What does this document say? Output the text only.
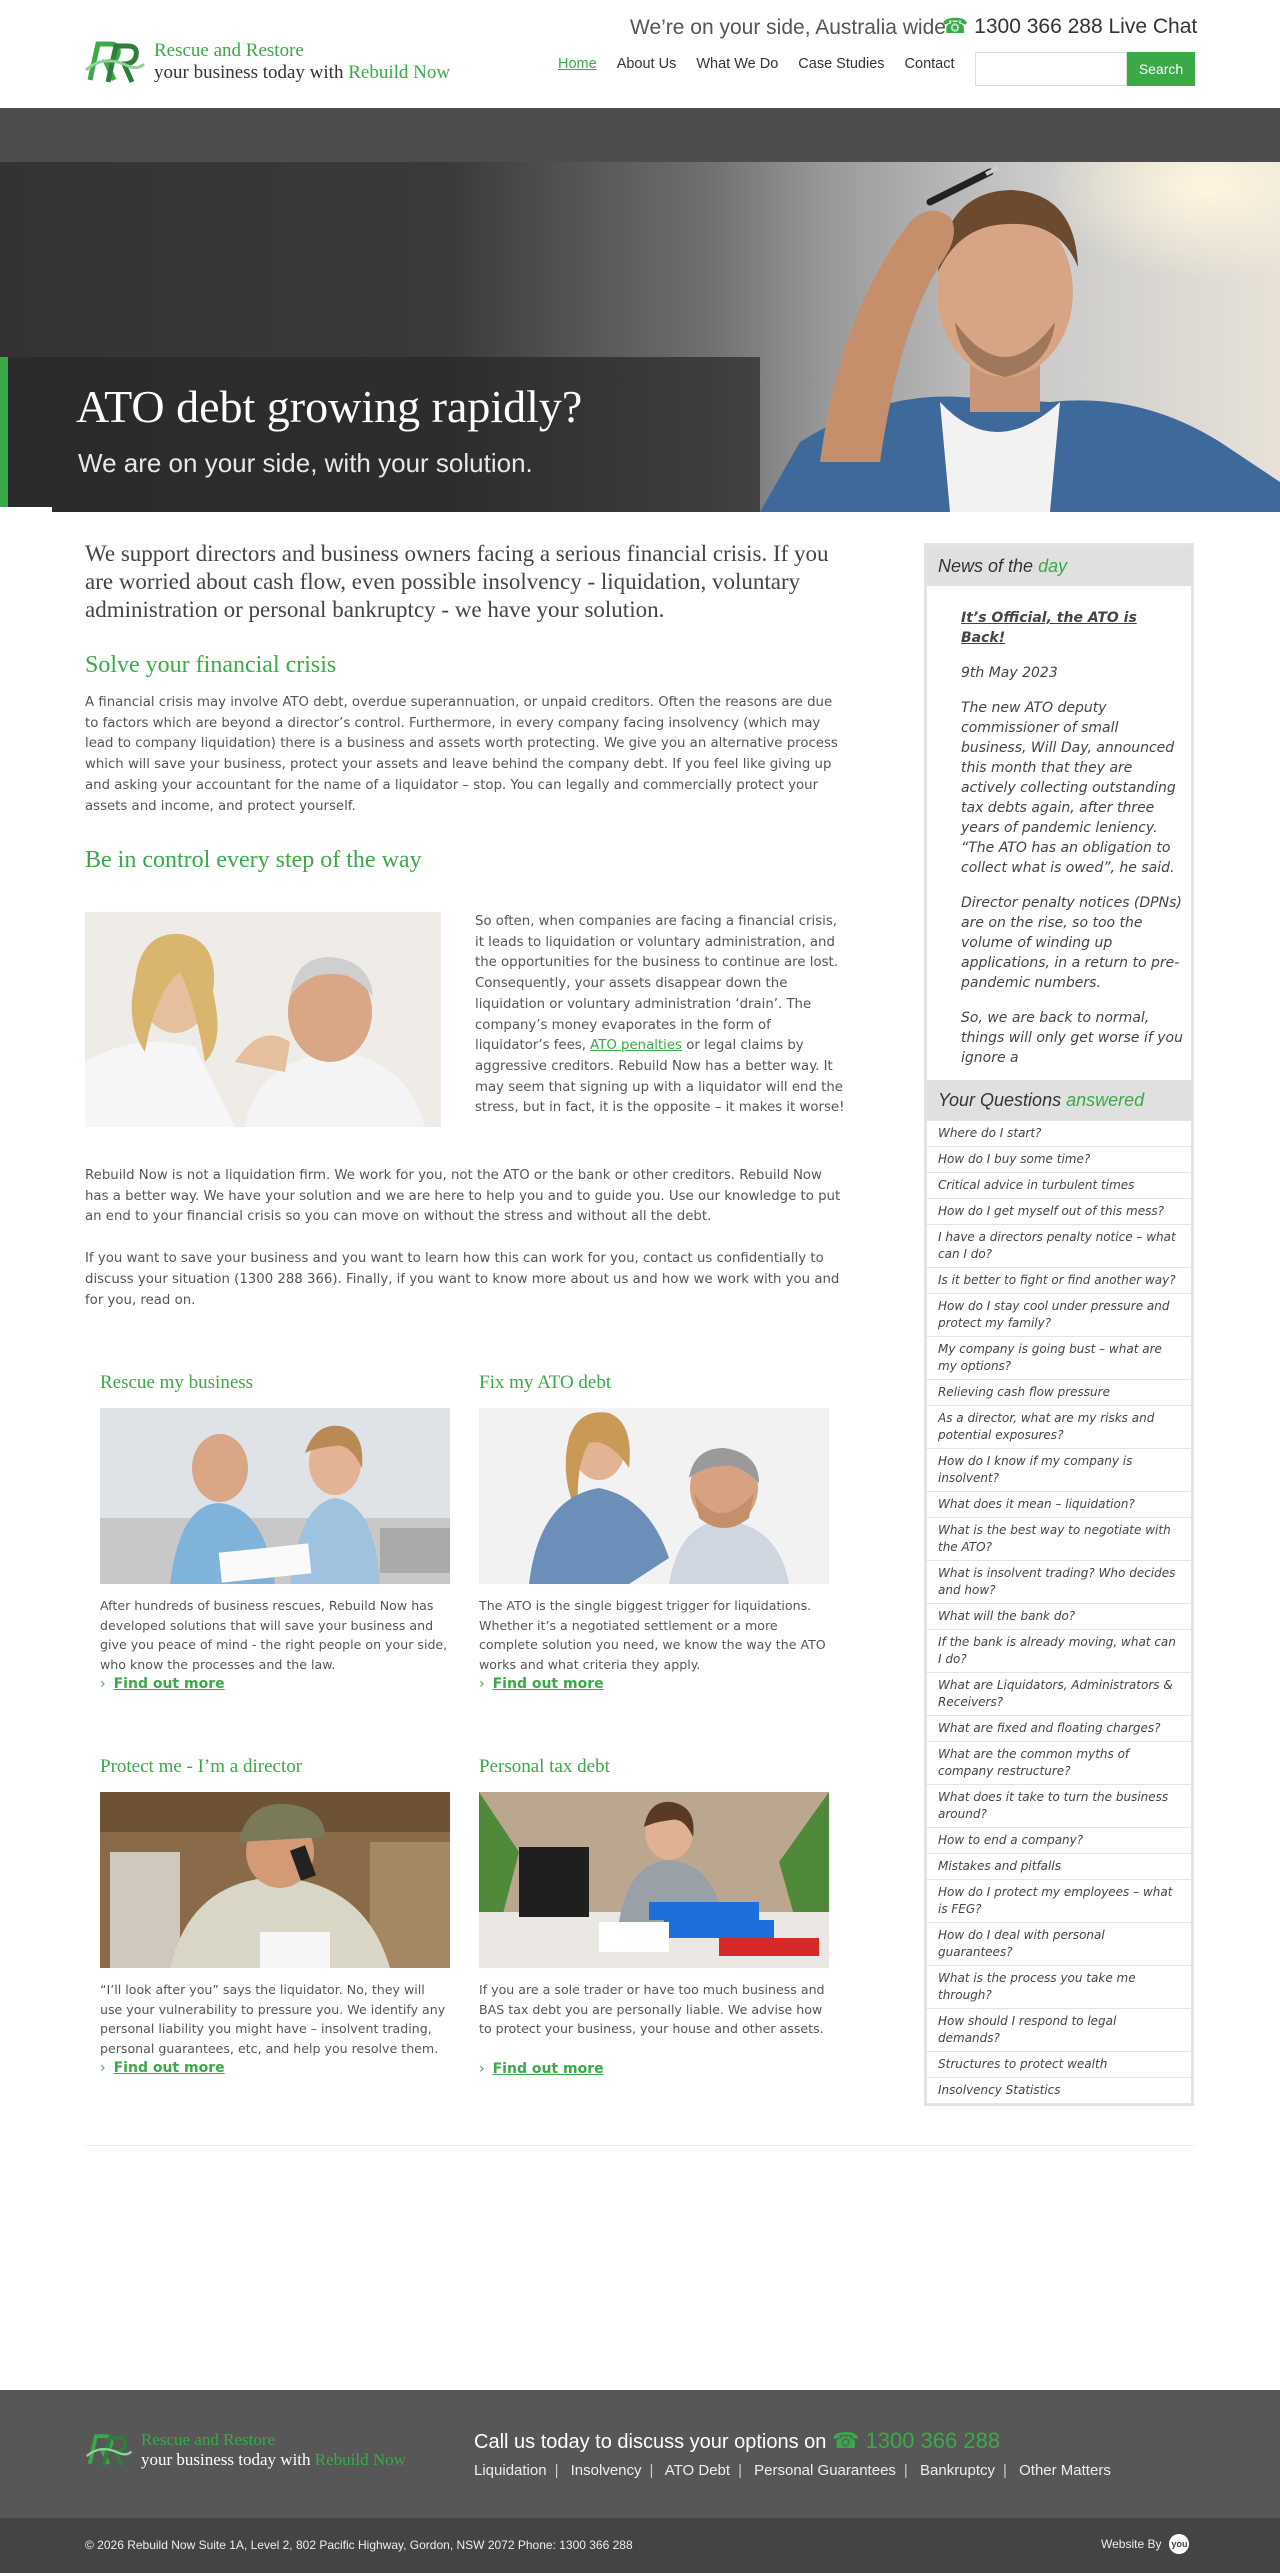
Rescue and Restore
your business today with Rebuild Now
We’re on your side, Australia wide
☎ 1300 366 288 Live Chat
Home About Us What We Do Case Studies Contact	Search
ATO debt growing rapidly?
We are on your side, with your solution.

We support directors and business owners facing a serious financial crisis. If you are worried about cash flow, even possible insolvency - liquidation, voluntary administration or personal bankruptcy - we have your solution.

Solve your financial crisis

A financial crisis may involve ATO debt, overdue superannuation, or unpaid creditors. Often the reasons are due to factors which are beyond a director’s control. Furthermore, in every company facing insolvency (which may lead to company liquidation) there is a business and assets worth protecting. We give you an alternative process which will save your business, protect your assets and leave behind the company debt. If you feel like giving up and asking your accountant for the name of a liquidator – stop. You can legally and commercially protect your assets and income, and protect yourself.

Be in control every step of the way

So often, when companies are facing a financial crisis, it leads to liquidation or voluntary administration, and the opportunities for the business to continue are lost. Consequently, your assets disappear down the liquidation or voluntary administration ‘drain’. The company’s money evaporates in the form of liquidator’s fees, ATO penalties or legal claims by aggressive creditors. Rebuild Now has a better way. It may seem that signing up with a liquidator will end the stress, but in fact, it is the opposite – it makes it worse!

Rebuild Now is not a liquidation firm. We work for you, not the ATO or the bank or other creditors. Rebuild Now has a better way. We have your solution and we are here to help you and to guide you. Use our knowledge to put an end to your financial crisis so you can move on without the stress and without all the debt.

If you want to save your business and you want to learn how this can work for you, contact us confidentially to discuss your situation (1300 288 366). Finally, if you want to know more about us and how we work with you and for you, read on.

Rescue my business

After hundreds of business rescues, Rebuild Now has developed solutions that will save your business and give you peace of mind - the right people on your side, who know the processes and the law.

› Find out more
Fix my ATO debt

The ATO is the single biggest trigger for liquidations. Whether it’s a negotiated settlement or a more complete solution you need, we know the way the ATO works and what criteria they apply.

› Find out more
Protect me - I’m a director

“I’ll look after you” says the liquidator. No, they will use your vulnerability to pressure you. We identify any personal liability you might have – insolvent trading, personal guarantees, etc, and help you resolve them.

› Find out more
Personal tax debt

If you are a sole trader or have too much business and BAS tax debt you are personally liable. We advise how to protect your business, your house and other assets.

› Find out more
News of the day

It’s Official, the ATO is Back!

9th May 2023

The new ATO deputy commissioner of small business, Will Day, announced this month that they are actively collecting outstanding tax debts again, after three years of pandemic leniency. “The ATO has an obligation to collect what is owed”, he said.

Director penalty notices (DPNs) are on the rise, so too the volume of winding up applications, in a return to pre-pandemic numbers.

So, we are back to normal, things will only get worse if you ignore a

Your Questions answered
Where do I start?
How do I buy some time?
Critical advice in turbulent times
How do I get myself out of this mess?
I have a directors penalty notice – what can I do?
Is it better to fight or find another way?
How do I stay cool under pressure and protect my family?
My company is going bust – what are my options?
Relieving cash flow pressure
As a director, what are my risks and potential exposures?
How do I know if my company is insolvent?
What does it mean – liquidation?
What is the best way to negotiate with the ATO?
What is insolvent trading? Who decides and how?
What will the bank do?
If the bank is already moving, what can I do?
What are Liquidators, Administrators & Receivers?
What are fixed and floating charges?
What are the common myths of company restructure?
What does it take to turn the business around?
How to end a company?
Mistakes and pitfalls
How do I protect my employees – what is FEG?
How do I deal with personal guarantees?
What is the process you take me through?
How should I respond to legal demands?
Structures to protect wealth
Insolvency Statistics
Rescue and Restore
your business today with Rebuild Now
Call us today to discuss your options on ☎ 1300 366 288
Liquidation | Insolvency | ATO Debt | Personal Guarantees | Bankruptcy | Other Matters
© 2026 Rebuild Now Suite 1A, Level 2, 802 Pacific Highway, Gordon, NSW 2072 Phone: 1300 366 288	Website By you
